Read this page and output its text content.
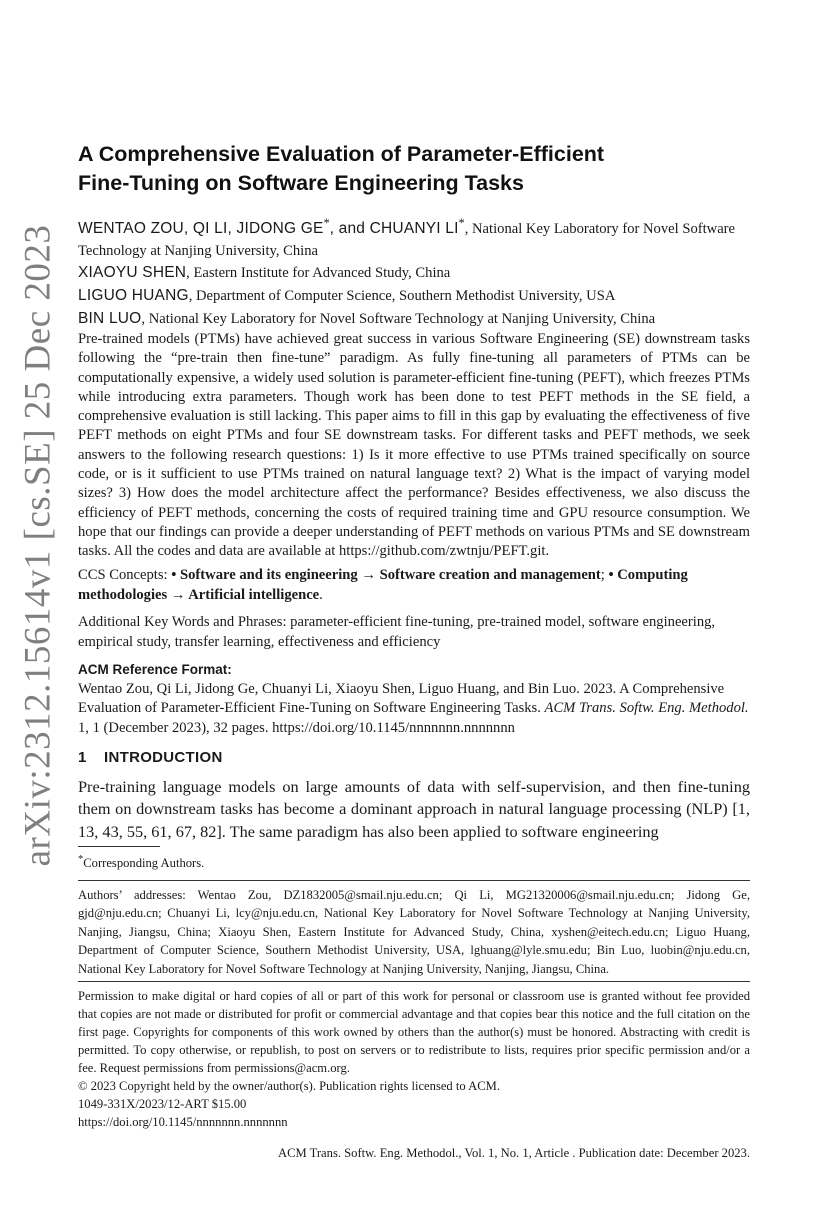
arXiv:2312.15614v1 [cs.SE] 25 Dec 2023
A Comprehensive Evaluation of Parameter-Efficient
Fine-Tuning on Software Engineering Tasks
WENTAO ZOU, QI LI, JIDONG GE*, and CHUANYI LI*, National Key Laboratory for Novel Software Technology at Nanjing University, China
XIAOYU SHEN, Eastern Institute for Advanced Study, China
LIGUO HUANG, Department of Computer Science, Southern Methodist University, USA
BIN LUO, National Key Laboratory for Novel Software Technology at Nanjing University, China
Pre-trained models (PTMs) have achieved great success in various Software Engineering (SE) downstream tasks following the “pre-train then fine-tune” paradigm. As fully fine-tuning all parameters of PTMs can be computationally expensive, a widely used solution is parameter-efficient fine-tuning (PEFT), which freezes PTMs while introducing extra parameters. Though work has been done to test PEFT methods in the SE field, a comprehensive evaluation is still lacking. This paper aims to fill in this gap by evaluating the effectiveness of five PEFT methods on eight PTMs and four SE downstream tasks. For different tasks and PEFT methods, we seek answers to the following research questions: 1) Is it more effective to use PTMs trained specifically on source code, or is it sufficient to use PTMs trained on natural language text? 2) What is the impact of varying model sizes? 3) How does the model architecture affect the performance? Besides effectiveness, we also discuss the efficiency of PEFT methods, concerning the costs of required training time and GPU resource consumption. We hope that our findings can provide a deeper understanding of PEFT methods on various PTMs and SE downstream tasks. All the codes and data are available at https://github.com/zwtnju/PEFT.git.
CCS Concepts: • Software and its engineering → Software creation and management; • Computing methodologies → Artificial intelligence.
Additional Key Words and Phrases: parameter-efficient fine-tuning, pre-trained model, software engineering, empirical study, transfer learning, effectiveness and efficiency
ACM Reference Format:
Wentao Zou, Qi Li, Jidong Ge, Chuanyi Li, Xiaoyu Shen, Liguo Huang, and Bin Luo. 2023. A Comprehensive Evaluation of Parameter-Efficient Fine-Tuning on Software Engineering Tasks. ACM Trans. Softw. Eng. Methodol. 1, 1 (December 2023), 32 pages. https://doi.org/10.1145/nnnnnnn.nnnnnnn
1 INTRODUCTION
Pre-training language models on large amounts of data with self-supervision, and then fine-tuning them on downstream tasks has become a dominant approach in natural language processing (NLP) [1, 13, 43, 55, 61, 67, 82]. The same paradigm has also been applied to software engineering
*Corresponding Authors.
Authors’ addresses: Wentao Zou, DZ1832005@smail.nju.edu.cn; Qi Li, MG21320006@smail.nju.edu.cn; Jidong Ge, gjd@nju.edu.cn; Chuanyi Li, lcy@nju.edu.cn, National Key Laboratory for Novel Software Technology at Nanjing University, Nanjing, Jiangsu, China; Xiaoyu Shen, Eastern Institute for Advanced Study, China, xyshen@eitech.edu.cn; Liguo Huang, Department of Computer Science, Southern Methodist University, USA, lghuang@lyle.smu.edu; Bin Luo, luobin@nju.edu.cn, National Key Laboratory for Novel Software Technology at Nanjing University, Nanjing, Jiangsu, China.
Permission to make digital or hard copies of all or part of this work for personal or classroom use is granted without fee provided that copies are not made or distributed for profit or commercial advantage and that copies bear this notice and the full citation on the first page. Copyrights for components of this work owned by others than the author(s) must be honored. Abstracting with credit is permitted. To copy otherwise, or republish, to post on servers or to redistribute to lists, requires prior specific permission and/or a fee. Request permissions from permissions@acm.org.
© 2023 Copyright held by the owner/author(s). Publication rights licensed to ACM.
1049-331X/2023/12-ART $15.00
https://doi.org/10.1145/nnnnnnn.nnnnnnn
ACM Trans. Softw. Eng. Methodol., Vol. 1, No. 1, Article . Publication date: December 2023.
